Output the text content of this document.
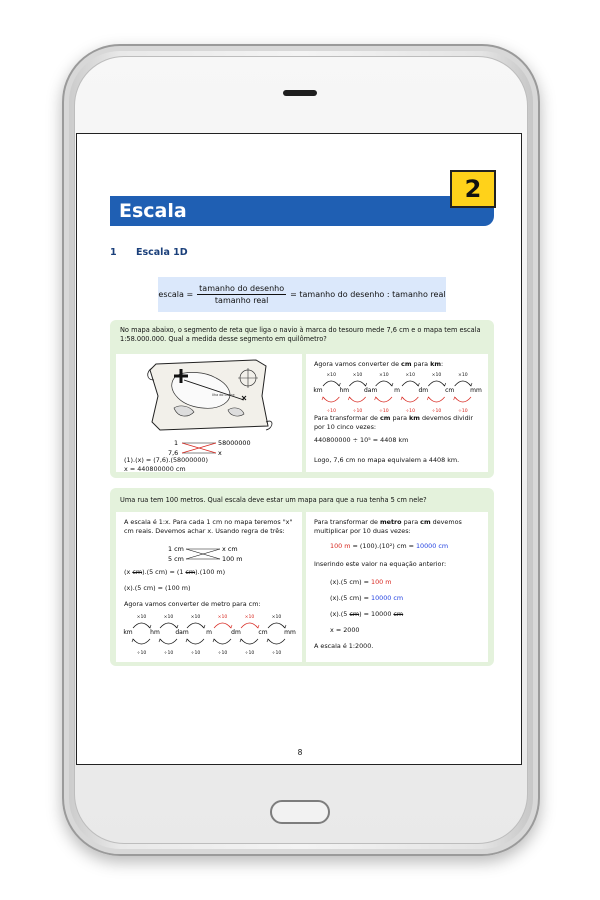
Escala
2
1 Escala 1D
escala = $\frac{\text{tamanho do desenho}}{\text{tamanho real}}$ = tamanho do desenho : tamanho real
No mapa abaixo, o segmento de reta que liga o navio à marca do tesouro mede 7,6 cm e o mapa tem escala 1:58.000.000. Qual a medida desse segmento em quilômetro?
Ilha do Lance
1	58000000
7,6	x
(1).(x) = (7,6).(58000000)
x = 440800000 cm
Agora vamos converter de cm para km:
km	hm dam	m	dm	cm	mm
×10
÷10
×10
÷10
×10
÷10
×10
÷10
×10
÷10
×10
÷10
Para transformar de cm para km devemos dividir por 10 cinco vezes:
440800000 ÷ 10⁵ = 4408 km
Logo, 7,6 cm no mapa equivalem a 4408 km.
Uma rua tem 100 metros. Qual escala deve estar um mapa para que a rua tenha 5 cm nele?
A escala é 1:x. Para cada 1 cm no mapa teremos "x" cm reais. Devemos achar x. Usando regra de três:
1 cm	x cm
5 cm	100 m
(x cm).(5 cm) = (1 cm).(100 m)
(x).(5 cm) = (100 m)
Agora vamos converter de metro para cm:
km	hm	dam	m	dm	cm	mm
×10
÷10
×10
÷10
×10
÷10
×10
÷10
×10
÷10
×10
÷10
Para transformar de metro para cm devemos multiplicar por 10 duas vezes:
100 m = (100).(10²) cm = 10000 cm
Inserindo este valor na equação anterior:
(x).(5 cm) = 100 m
(x).(5 cm) = 10000 cm
(x).(5 cm) = 10000 cm
x = 2000
A escala é 1:2000.
8
